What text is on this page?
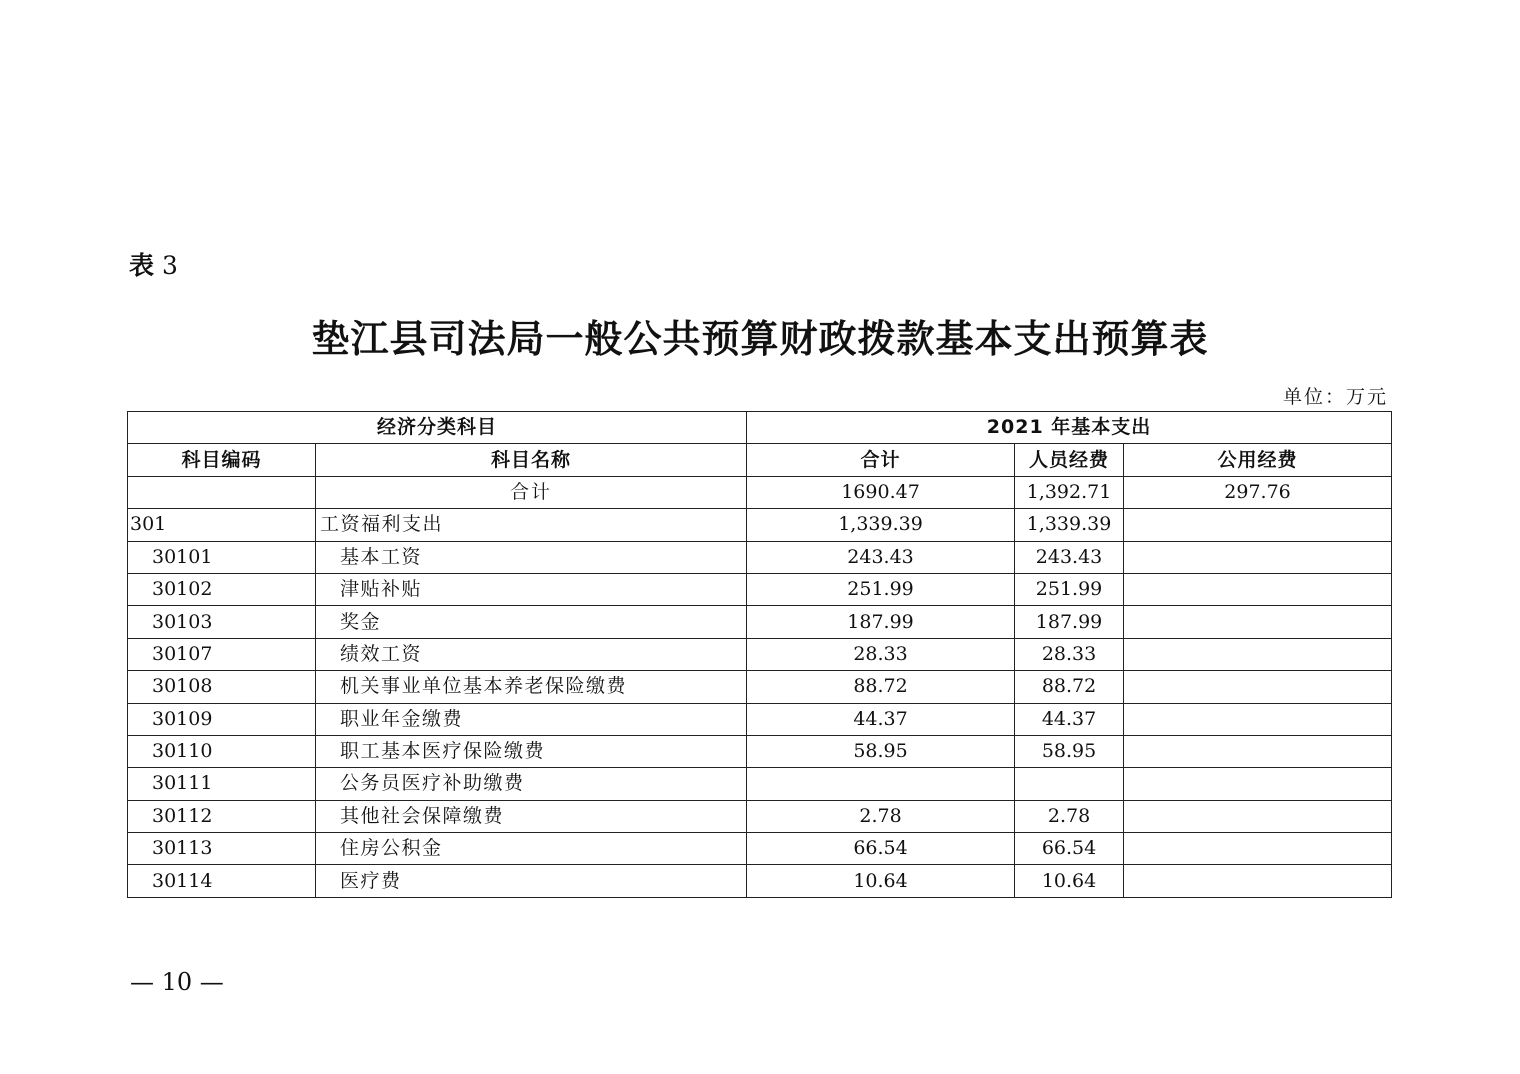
表 3
垫江县司法局一般公共预算财政拨款基本支出预算表
单位：万元
经济分类科目		2021 年基本支出		
科目编码	科目名称	合计	人员经费	公用经费
	合计	1690.47	1,392.71	297.76
301	工资福利支出	1,339.39	1,339.39	
30101	基本工资	243.43	243.43	
30102	津贴补贴	251.99	251.99	
30103	奖金	187.99	187.99	
30107	绩效工资	28.33	28.33	
30108	机关事业单位基本养老保险缴费	88.72	88.72	
30109	职业年金缴费	44.37	44.37	
30110	职工基本医疗保险缴费	58.95	58.95	
30111	公务员医疗补助缴费			
30112	其他社会保障缴费	2.78	2.78	
30113	住房公积金	66.54	66.54	
30114	医疗费	10.64	10.64	
— 10 —
